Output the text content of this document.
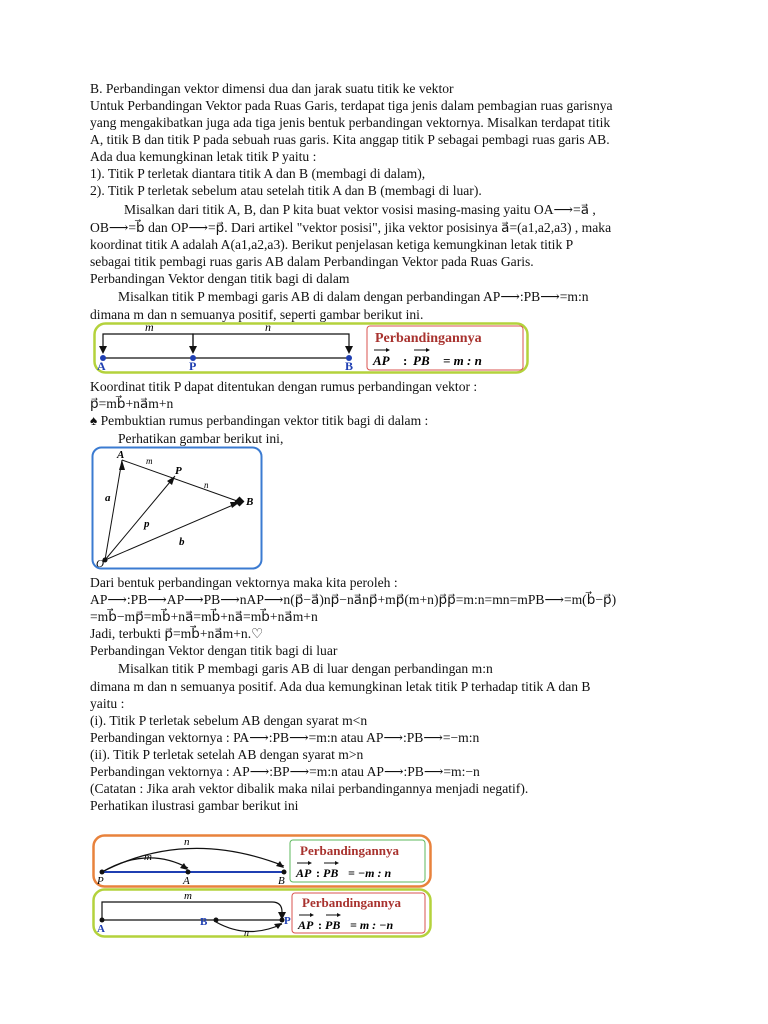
B. Perbandingan vektor dimensi dua dan jarak suatu titik ke vektor
Untuk Perbandingan Vektor pada Ruas Garis, terdapat tiga jenis dalam pembagian ruas garisnya
yang mengakibatkan juga ada tiga jenis bentuk perbandingan vektornya. Misalkan terdapat titik
A, titik B dan titik P pada sebuah ruas garis. Kita anggap titik P sebagai pembagi ruas garis AB.
Ada dua kemungkinan letak titik P yaitu :
1). Titik P terletak diantara titik A dan B (membagi di dalam),
2). Titik P terletak sebelum atau setelah titik A dan B (membagi di luar).
Misalkan dari titik A, B, dan P kita buat vektor vosisi masing-masing yaitu OA⟶=a⃗ ,
OB⟶=b⃗ dan OP⟶=p⃗. Dari artikel "vektor posisi", jika vektor posisinya a⃗=(a1,a2,a3) , maka
koordinat titik A adalah A(a1,a2,a3). Berikut penjelasan ketiga kemungkinan letak titik P
sebagai titik pembagi ruas garis AB dalam Perbandingan Vektor pada Ruas Garis.
Perbandingan Vektor dengan titik bagi di dalam
Misalkan titik P membagi garis AB di dalam dengan perbandingan AP⟶:PB⟶=m:n
dimana m dan n semuanya positif, seperti gambar berikut ini.
m	n
A	P	B
Perbandingannya
AP : PB = m : n
Koordinat titik P dapat ditentukan dengan rumus perbandingan vektor :
p⃗=mb⃗+na⃗m+n
♠ Pembuktian rumus perbandingan vektor titik bagi di dalam :
Perhatikan gambar berikut ini,
A
P
B
O
m
n
a
p
b
Dari bentuk perbandingan vektornya maka kita peroleh :
AP⟶:PB⟶AP⟶PB⟶nAP⟶n(p⃗−a⃗)np⃗−na⃗np⃗+mp⃗(m+n)p⃗p⃗=m:n=mn=mPB⟶=m(b⃗−p⃗)
=mb⃗−mp⃗=mb⃗+na⃗=mb⃗+na⃗=mb⃗+na⃗m+n
Jadi, terbukti p⃗=mb⃗+na⃗m+n.♡
Perbandingan Vektor dengan titik bagi di luar
Misalkan titik P membagi garis AB di luar dengan perbandingan m:n
dimana m dan n semuanya positif. Ada dua kemungkinan letak titik P terhadap titik A dan B
yaitu :
(i). Titik P terletak sebelum AB dengan syarat m<n
Perbandingan vektornya : PA⟶:PB⟶=m:n atau AP⟶:PB⟶=−m:n
(ii). Titik P terletak setelah AB dengan syarat m>n
Perbandingan vektornya : AP⟶:BP⟶=m:n atau AP⟶:PB⟶=m:−n
(Catatan : Jika arah vektor dibalik maka nilai perbandingannya menjadi negatif).
Perhatikan ilustrasi gambar berikut ini
n
m
P	A	B
Perbandingannya
AP : PB = −m : n
m
n
A
B	P
Perbandingannya
AP : PB = m : −n
